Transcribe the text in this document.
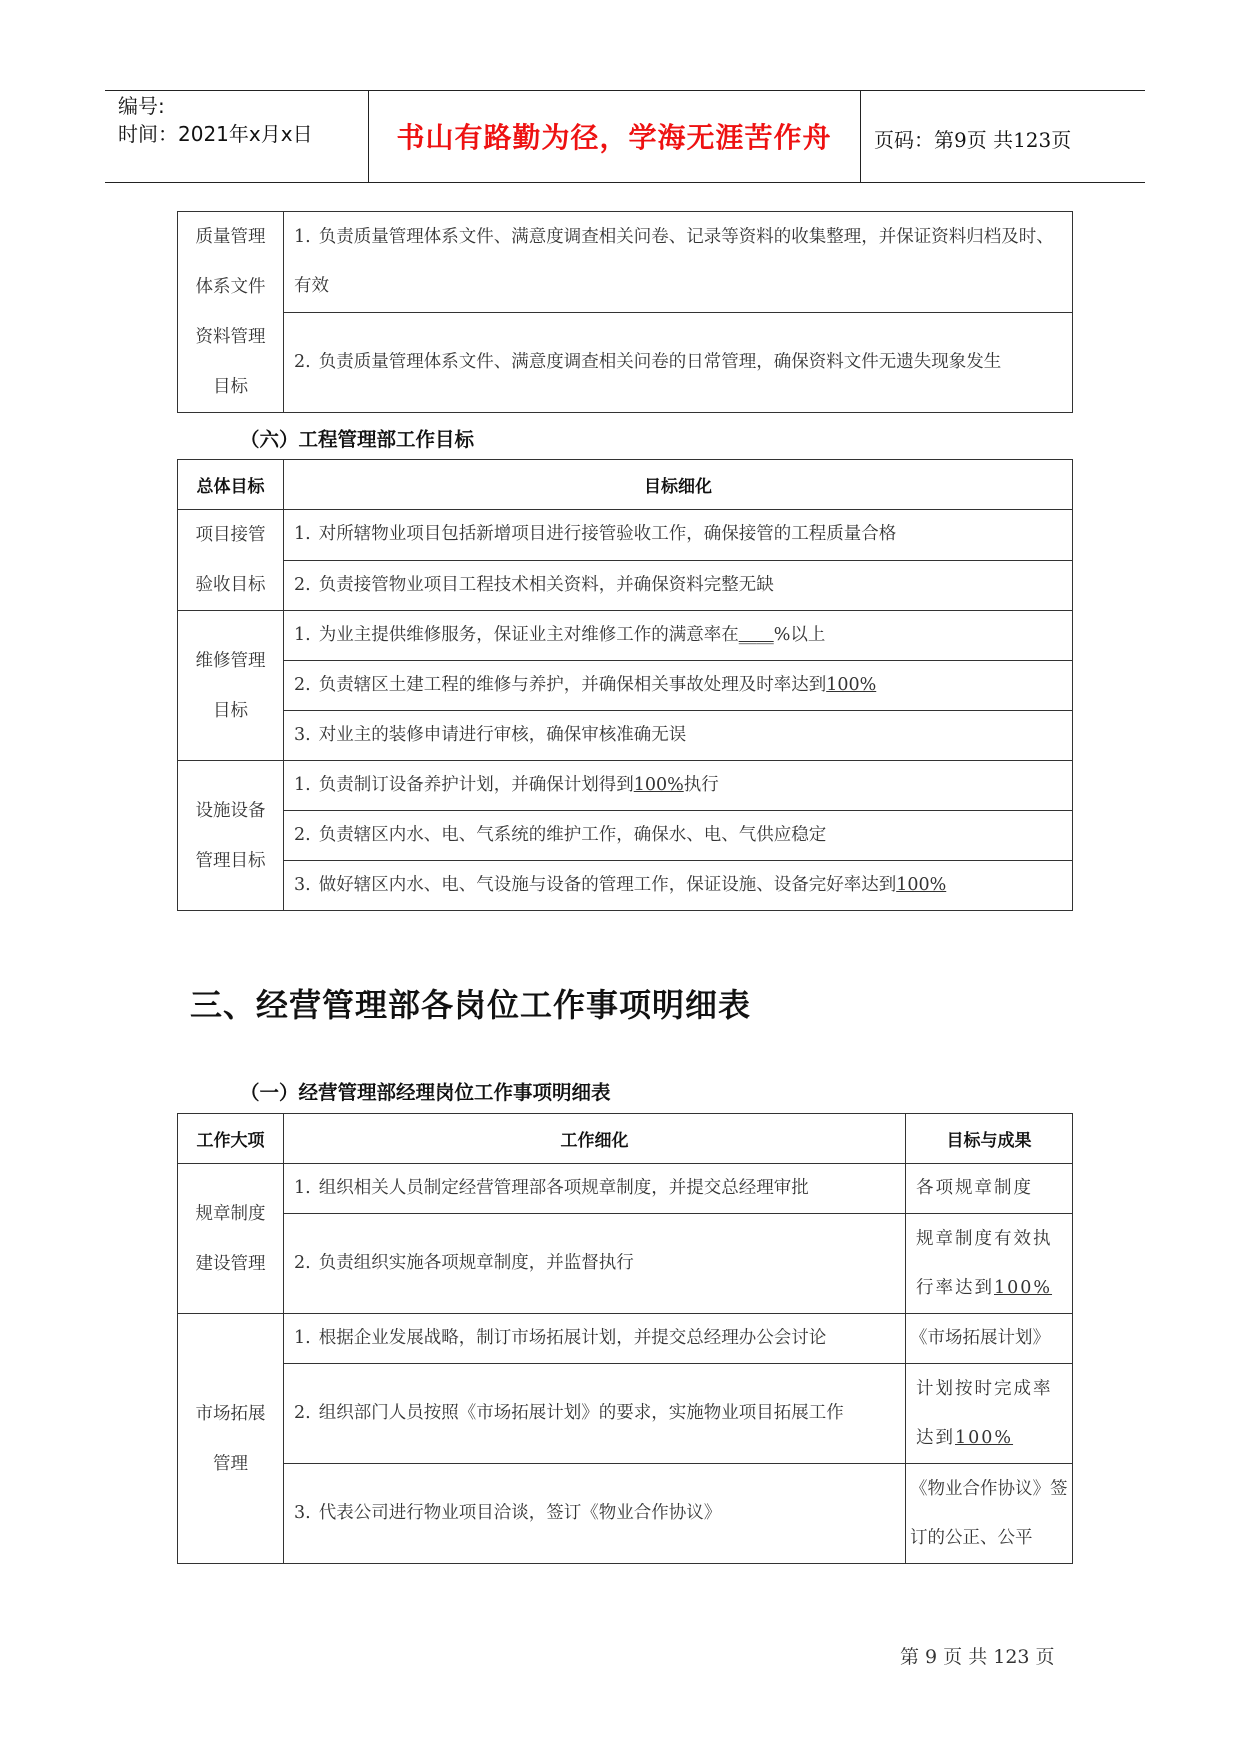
编号:
时间：2021年x月x日	书山有路勤为径，学海无涯苦作舟	页码：第9页 共123页
质量管理体系文件资料管理目标	1. 负责质量管理体系文件、满意度调查相关问卷、记录等资料的收集整理，并保证资料归档及时、有效
2. 负责质量管理体系文件、满意度调查相关问卷的日常管理，确保资料文件无遗失现象发生
（六）工程管理部工作目标
总体目标	目标细化
项目接管验收目标	1. 对所辖物业项目包括新增项目进行接管验收工作，确保接管的工程质量合格
	2. 负责接管物业项目工程技术相关资料，并确保资料完整无缺
维修管理目标	1. 为业主提供维修服务，保证业主对维修工作的满意率在____%以上
	2. 负责辖区土建工程的维修与养护，并确保相关事故处理及时率达到100%
	3. 对业主的装修申请进行审核，确保审核准确无误
设施设备管理目标	1. 负责制订设备养护计划，并确保计划得到100%执行
	2. 负责辖区内水、电、气系统的维护工作，确保水、电、气供应稳定
	3. 做好辖区内水、电、气设施与设备的管理工作，保证设施、设备完好率达到100%
三、经营管理部各岗位工作事项明细表
（一）经营管理部经理岗位工作事项明细表
工作大项	工作细化	目标与成果
规章制度建设管理	1. 组织相关人员制定经营管理部各项规章制度，并提交总经理审批	各项规章制度
	2. 负责组织实施各项规章制度，并监督执行	规章制度有效执行率达到100%
市场拓展管理	1. 根据企业发展战略，制订市场拓展计划，并提交总经理办公会讨论	《市场拓展计划》
	2. 组织部门人员按照《市场拓展计划》的要求，实施物业项目拓展工作	计划按时完成率达到100%
	3. 代表公司进行物业项目洽谈，签订《物业合作协议》	《物业合作协议》签订的公正、公平
第 9 页 共 123 页
